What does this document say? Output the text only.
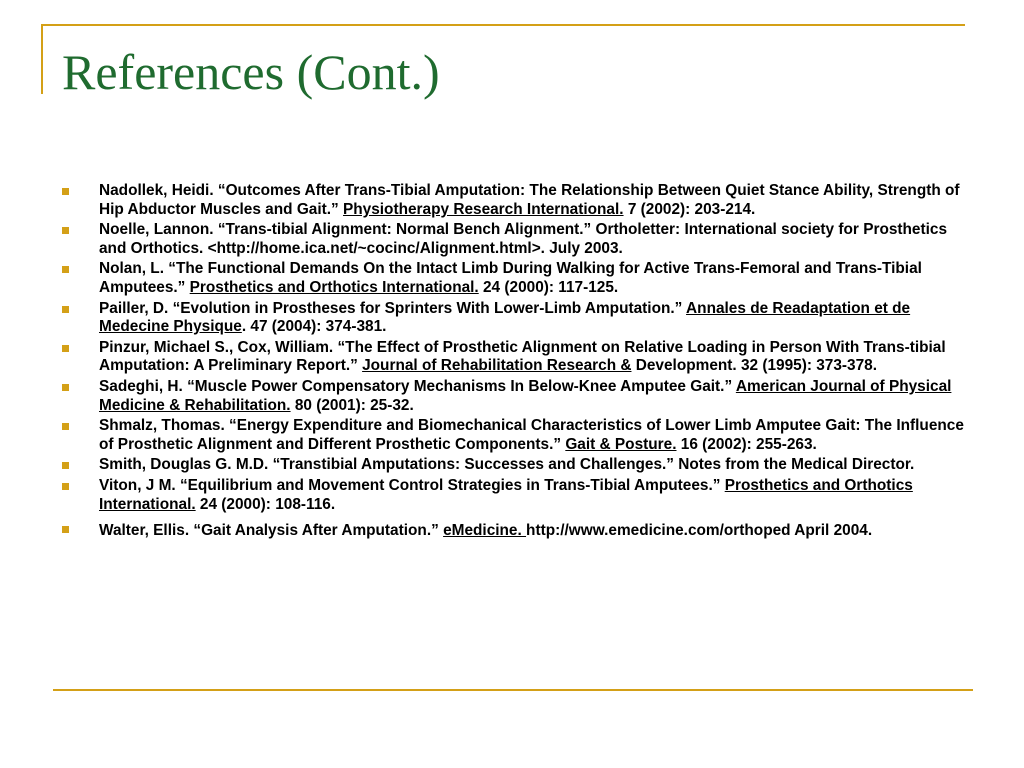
References (Cont.)
Nadollek, Heidi. “Outcomes After Trans-Tibial Amputation: The Relationship Between Quiet Stance Ability, Strength of Hip Abductor Muscles and Gait.” Physiotherapy Research International. 7 (2002): 203-214.
Noelle, Lannon. “Trans-tibial Alignment: Normal Bench Alignment.” Ortholetter: International society for Prosthetics and Orthotics. <http://home.ica.net/~cocinc/Alignment.html>. July 2003.
Nolan, L. “The Functional Demands On the Intact Limb During Walking for Active Trans-Femoral and Trans-Tibial Amputees.” Prosthetics and Orthotics International. 24 (2000): 117-125.
Pailler, D. “Evolution in Prostheses for Sprinters With Lower-Limb Amputation.” Annales de Readaptation et de Medecine Physique. 47 (2004): 374-381.
Pinzur, Michael S., Cox, William. “The Effect of Prosthetic Alignment on Relative Loading in Person With Trans-tibial Amputation: A Preliminary Report.” Journal of Rehabilitation Research & Development. 32 (1995): 373-378.
Sadeghi, H. “Muscle Power Compensatory Mechanisms In Below-Knee Amputee Gait.” American Journal of Physical Medicine & Rehabilitation. 80 (2001): 25-32.
Shmalz, Thomas. “Energy Expenditure and Biomechanical Characteristics of Lower Limb Amputee Gait: The Influence of Prosthetic Alignment and Different Prosthetic Components.” Gait & Posture. 16 (2002): 255-263.
Smith, Douglas G. M.D. “Transtibial Amputations: Successes and Challenges.” Notes from the Medical Director.
Viton, J M. “Equilibrium and Movement Control Strategies in Trans-Tibial Amputees.” Prosthetics and Orthotics International. 24 (2000): 108-116.
Walter, Ellis. “Gait Analysis After Amputation.” eMedicine. http://www.emedicine.com/orthoped April 2004.
